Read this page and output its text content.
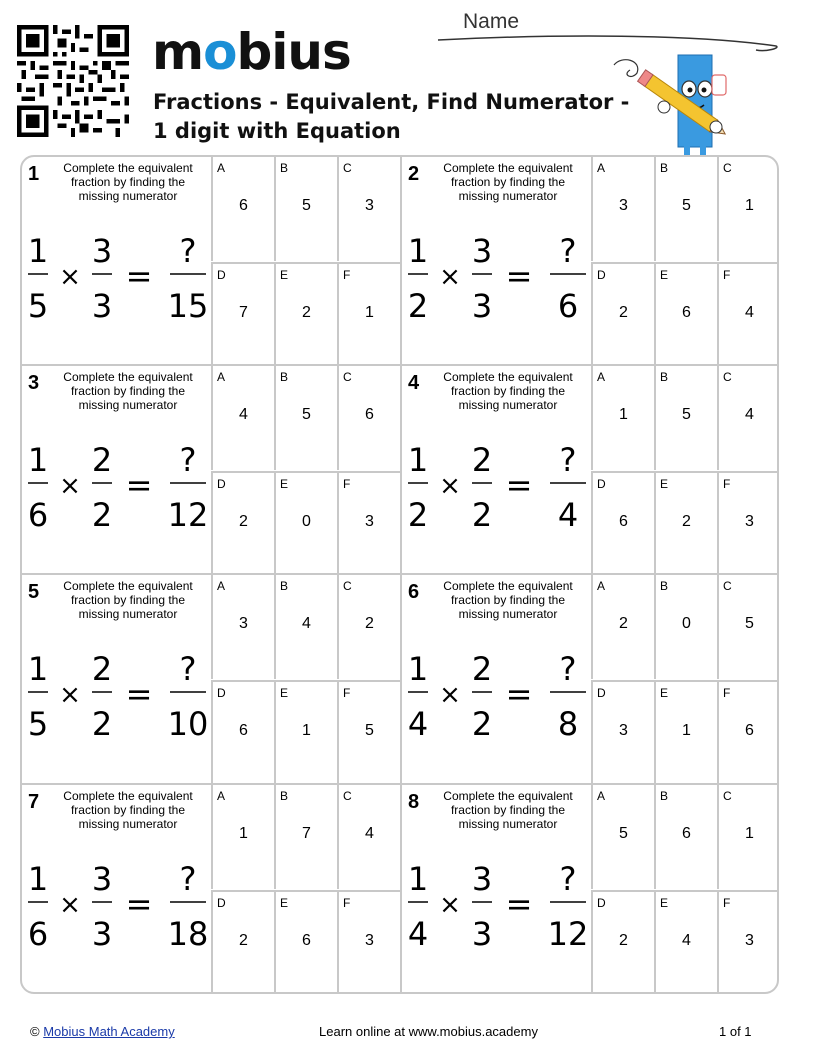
mobius
Fractions - Equivalent, Find Numerator -
1 digit with Equation
Name
1	Complete the equivalent fraction by finding the missing numerator
1
5
×
3
3
=
?
15
A
6
B
5
C
3
D
7
E
2
F
1
2	Complete the equivalent fraction by finding the missing numerator
1
2
×
3
3
=
?
6
A
3
B
5
C
1
D
2
E
6
F
4
3	Complete the equivalent fraction by finding the missing numerator
1
6
×
2
2
=
?
12
A
4
B
5
C
6
D
2
E
0
F
3
4	Complete the equivalent fraction by finding the missing numerator
1
2
×
2
2
=
?
4
A
1
B
5
C
4
D
6
E
2
F
3
5	Complete the equivalent fraction by finding the missing numerator
1
5
×
2
2
=
?
10
A
3
B
4
C
2
D
6
E
1
F
5
6	Complete the equivalent fraction by finding the missing numerator
1
4
×
2
2
=
?
8
A
2
B
0
C
5
D
3
E
1
F
6
7	Complete the equivalent fraction by finding the missing numerator
1
6
×
3
3
=
?
18
A
1
B
7
C
4
D
2
E
6
F
3
8	Complete the equivalent fraction by finding the missing numerator
1
4
×
3
3
=
?
12
A
5
B
6
C
1
D
2
E
4
F
3
© Mobius Math Academy	Learn online at www.mobius.academy	1 of 1
